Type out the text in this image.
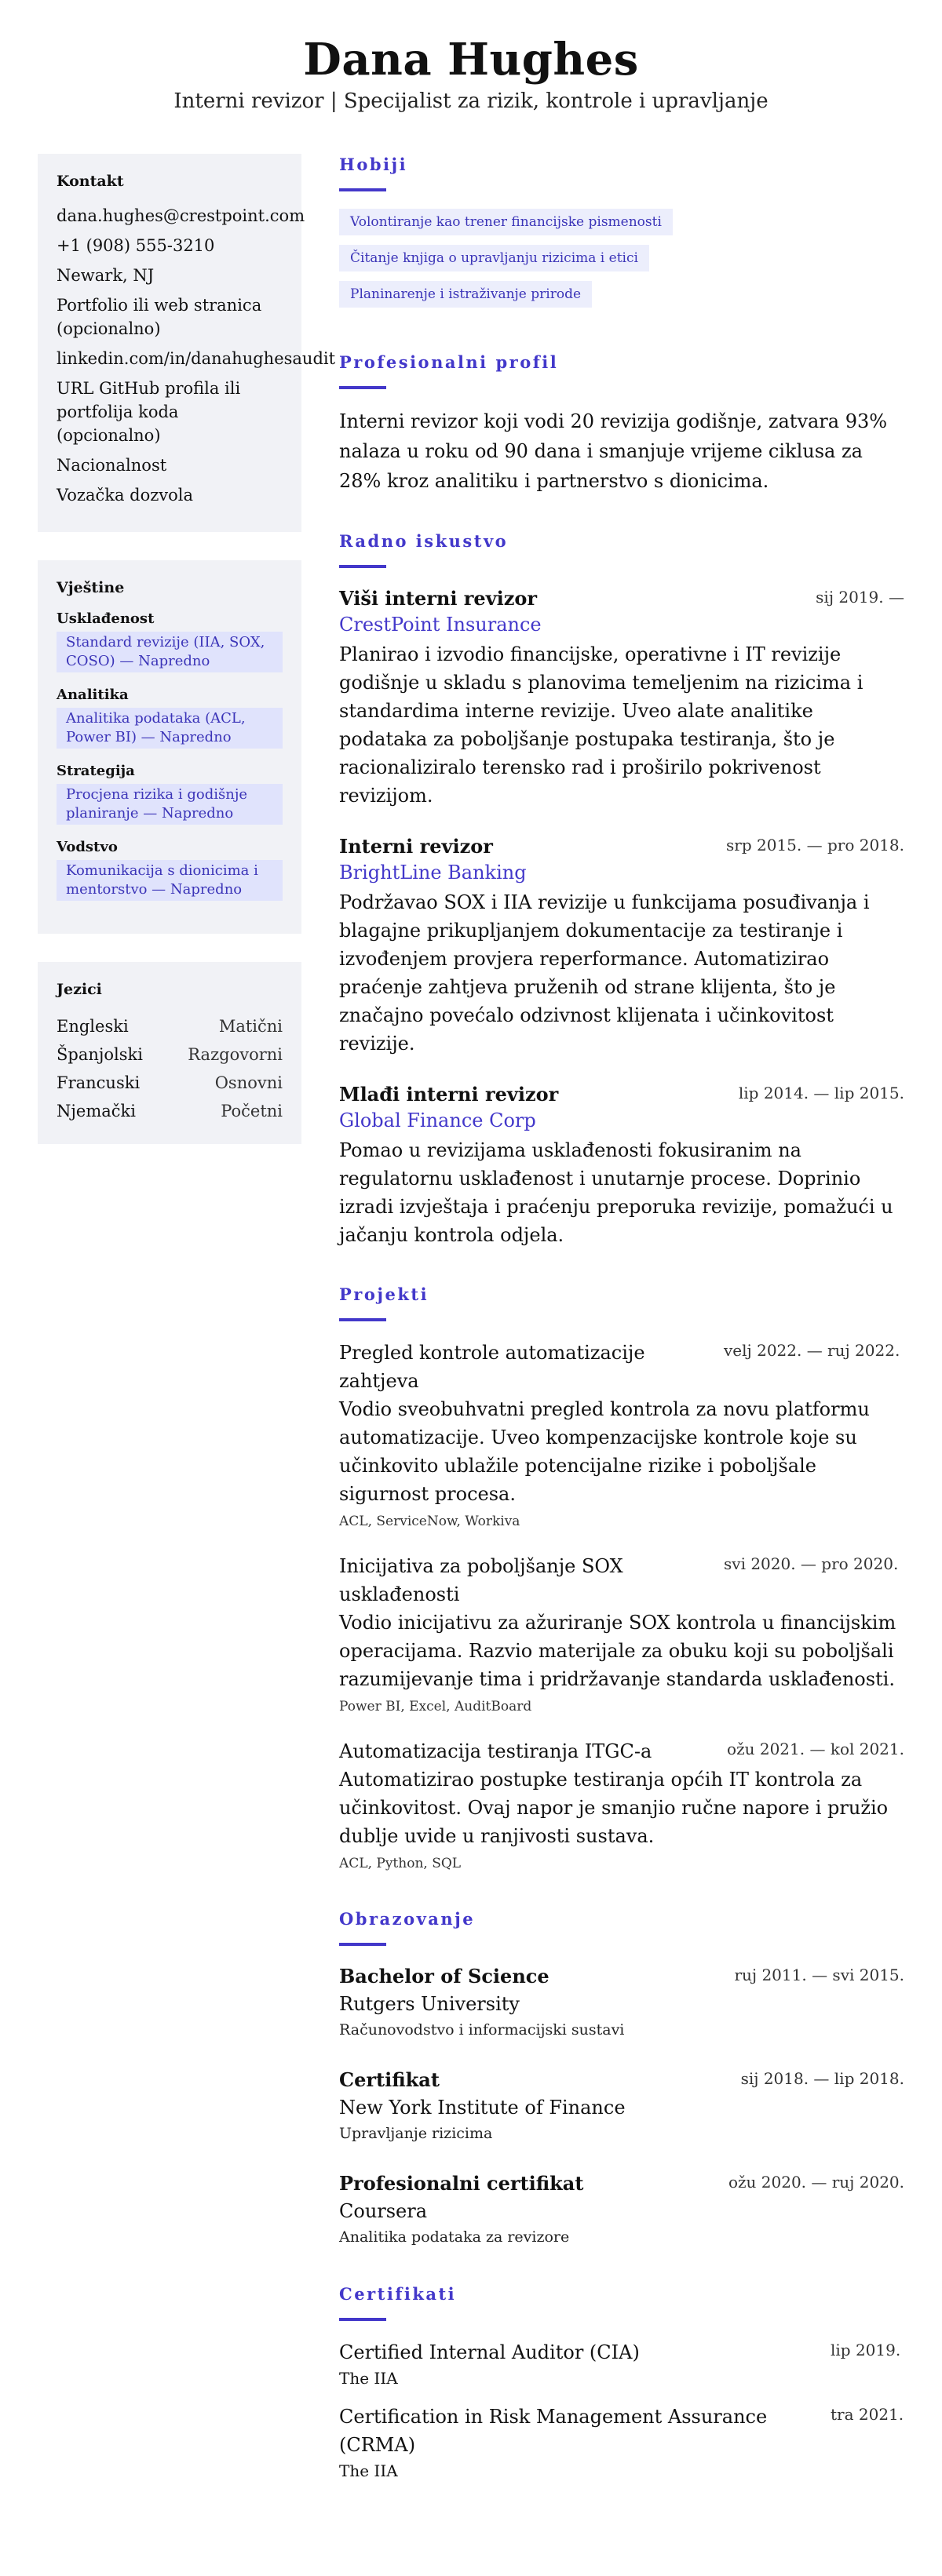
Dana Hughes
Interni revizor | Specijalist za rizik, kontrole i upravljanje
Kontakt
dana.hughes@crestpoint.com
+1 (908) 555-3210
Newark, NJ
Portfolio ili web stranica (opcionalno)
linkedin.com/in/danahughesaudit
URL GitHub profila ili portfolija koda (opcionalno)
Nacionalnost
Vozačka dozvola
Vještine
Usklađenost
Standard revizije (IIA, SOX, COSO) — Napredno
Analitika
Analitika podataka (ACL, Power BI) — Napredno
Strategija
Procjena rizika i godišnje planiranje — Napredno
Vodstvo
Komunikacija s dionicima i mentorstvo — Napredno
Jezici
Engleski	Matični
Španjolski	Razgovorni
Francuski	Osnovni
Njemački	Početni
Hobiji
Volontiranje kao trener financijske pismenosti
Čitanje knjiga o upravljanju rizicima i etici
Planinarenje i istraživanje prirode
Profesionalni profil

Interni revizor koji vodi 20 revizija godišnje, zatvara 93% nalaza u roku od 90 dana i smanjuje vrijeme ciklusa za 28% kroz analitiku i partnerstvo s dionicima.

Radno iskustvo
Viši interni revizor	sij 2019. —
CrestPoint Insurance

Planirao i izvodio financijske, operativne i IT revizije godišnje u skladu s planovima temeljenim na rizicima i standardima interne revizije. Uveo alate analitike podataka za poboljšanje postupaka testiranja, što je racionaliziralo terensko rad i proširilo pokrivenost revizijom.

Interni revizor	srp 2015. — pro 2018.
BrightLine Banking

Podržavao SOX i IIA revizije u funkcijama posuđivanja i blagajne prikupljanjem dokumentacije za testiranje i izvođenjem provjera reperformance. Automatizirao praćenje zahtjeva pruženih od strane klijenta, što je značajno povećalo odzivnost klijenata i učinkovitost revizije.

Mlađi interni revizor	lip 2014. — lip 2015.
Global Finance Corp

Pomao u revizijama usklađenosti fokusiranim na regulatornu usklađenost i unutarnje procese. Doprinio izradi izvještaja i praćenju preporuka revizije, pomažući u jačanju kontrola odjela.

Projekti
Pregled kontrole automatizacije zahtjeva
velj 2022. — ruj 2022.

Vodio sveobuhvatni pregled kontrola za novu platformu automatizacije. Uveo kompenzacijske kontrole koje su učinkovito ublažile potencijalne rizike i poboljšale sigurnost procesa.

ACL, ServiceNow, Workiva
Inicijativa za poboljšanje SOX usklađenosti
svi 2020. — pro 2020.

Vodio inicijativu za ažuriranje SOX kontrola u financijskim operacijama. Razvio materijale za obuku koji su poboljšali razumijevanje tima i pridržavanje standarda usklađenosti.

Power BI, Excel, AuditBoard
Automatizacija testiranja ITGC-a	ožu 2021. — kol 2021.

Automatizirao postupke testiranja općih IT kontrola za učinkovitost. Ovaj napor je smanjio ručne napore i pružio dublje uvide u ranjivosti sustava.

ACL, Python, SQL
Obrazovanje
Bachelor of Science	ruj 2011. — svi 2015.
Rutgers University
Računovodstvo i informacijski sustavi
Certifikat	sij 2018. — lip 2018.
New York Institute of Finance
Upravljanje rizicima
Profesionalni certifikat	ožu 2020. — ruj 2020.
Coursera
Analitika podataka za revizore
Certifikati
Certified Internal Auditor (CIA)	lip 2019.
The IIA
Certification in Risk Management Assurance (CRMA)
tra 2021.
The IIA
